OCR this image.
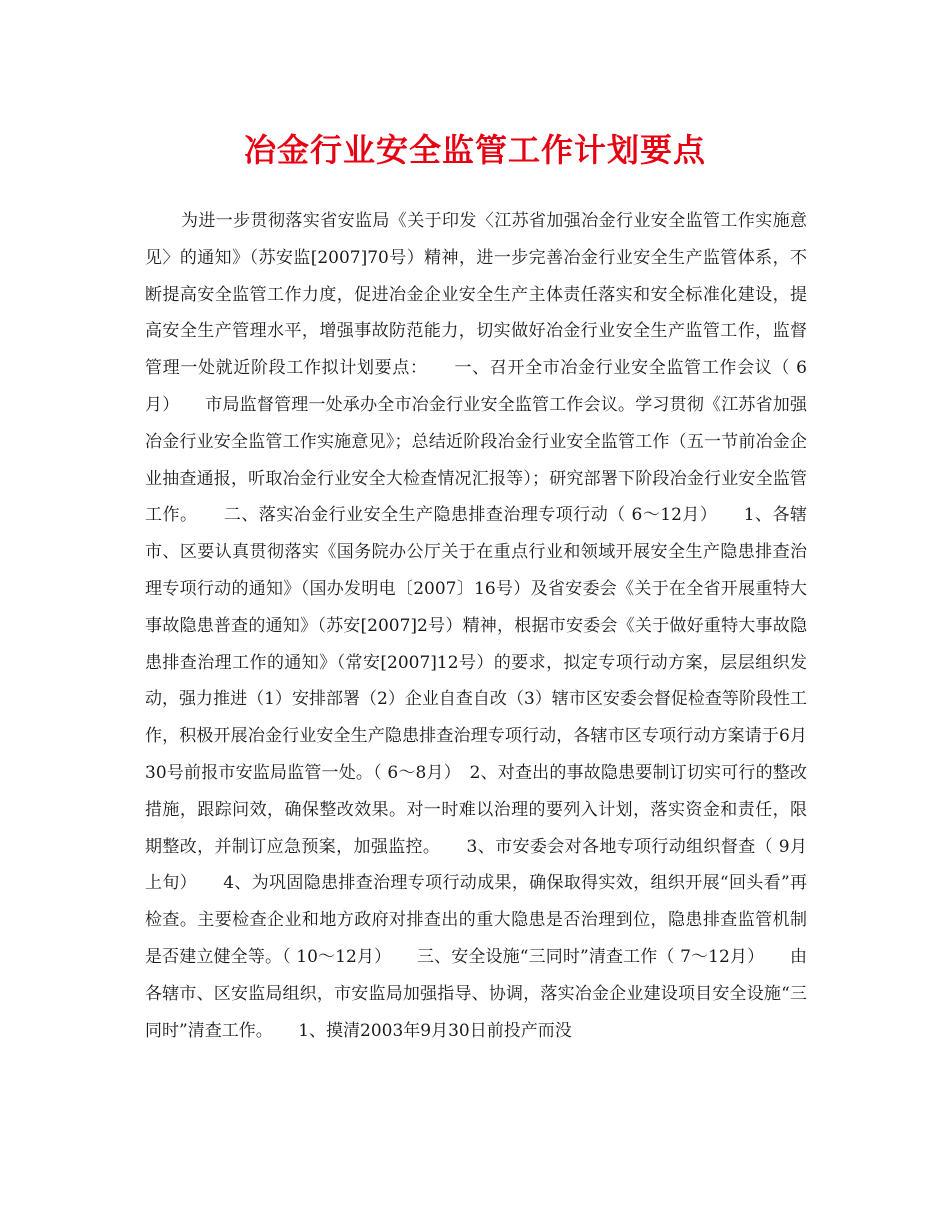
冶金行业安全监管工作计划要点

为进一步贯彻落实省安监局《关于印发〈江苏省加强冶金行业安全监管工作实施意见〉的通知》（苏安监[2007]70号）精神，进一步完善冶金行业安全生产监管体系，不断提高安全监管工作力度，促进冶金企业安全生产主体责任落实和安全标准化建设，提高安全生产管理水平，增强事故防范能力，切实做好冶金行业安全生产监管工作，监督管理一处就近阶段工作拟计划要点：　　一、召开全市冶金行业安全监管工作会议（ 6 月）　　市局监督管理一处承办全市冶金行业安全监管工作会议。学习贯彻《江苏省加强冶金行业安全监管工作实施意见》；总结近阶段冶金行业安全监管工作（五一节前冶金企业抽查通报，听取冶金行业安全大检查情况汇报等）；研究部署下阶段冶金行业安全监管工作。　　二、落实冶金行业安全生产隐患排查治理专项行动（ 6～12月）　　1、各辖市、区要认真贯彻落实《国务院办公厅关于在重点行业和领域开展安全生产隐患排查治理专项行动的通知》（国办发明电〔2007〕16号）及省安委会《关于在全省开展重特大事故隐患普查的通知》（苏安[2007]2号）精神，根据市安委会《关于做好重特大事故隐患排查治理工作的通知》（常安[2007]12号）的要求，拟定专项行动方案，层层组织发动，强力推进（1）安排部署（2）企业自查自改（3）辖市区安委会督促检查等阶段性工作，积极开展冶金行业安全生产隐患排查治理专项行动，各辖市区专项行动方案请于6月30号前报市安监局监管一处。（ 6～8月）　2、对查出的事故隐患要制订切实可行的整改措施，跟踪问效，确保整改效果。对一时难以治理的要列入计划，落实资金和责任，限期整改，并制订应急预案，加强监控。　　3、市安委会对各地专项行动组织督查（ 9月上旬）　　4、为巩固隐患排查治理专项行动成果，确保取得实效，组织开展“回头看”再检查。主要检查企业和地方政府对排查出的重大隐患是否治理到位，隐患排查监管机制是否建立健全等。（ 10～12月）　　三、安全设施“三同时”清查工作（ 7～12月）　　由各辖市、区安监局组织，市安监局加强指导、协调，落实冶金企业建设项目安全设施“三同时”清查工作。　　1、摸清2003年9月30日前投产而没
